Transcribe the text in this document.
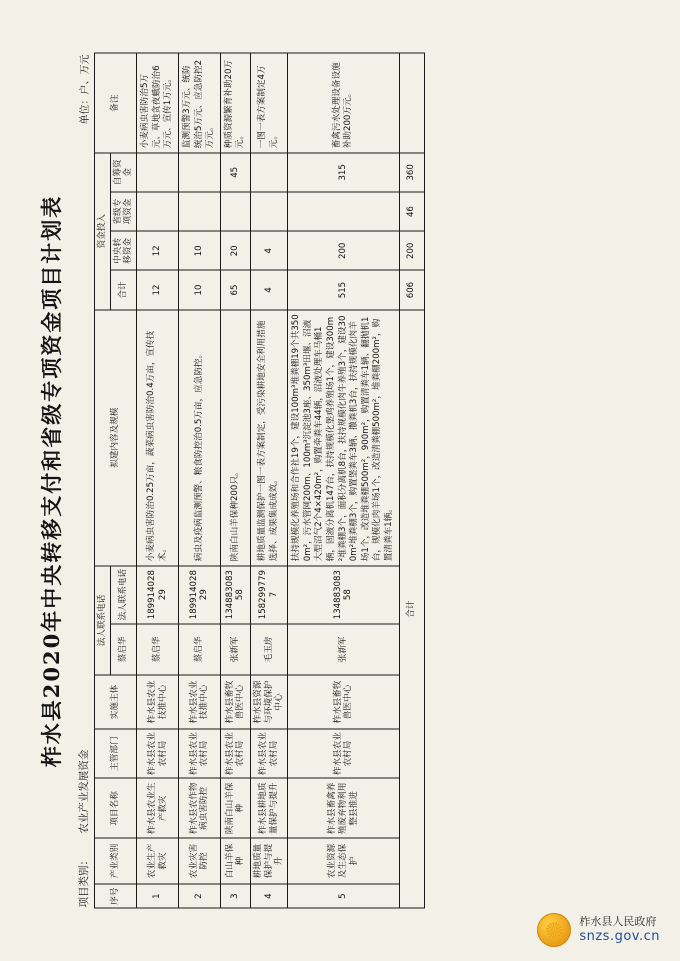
柞水县2020年中央转移支付和省级专项资金项目计划表
项目类别： 农业产业发展资金
单位：户、万元
序号	产业类别	项目名称	主管部门	实施主体	法人联系电话		拟建内容及规模	资金投入				备注
					蔡启华	法人联系电话		合计	中央转移资金	省级专项资金	自筹资金	
1	农业生产救灾	柞水县农业生产救灾	柞水县农业农村局	柞水县农业技推中心	蔡启华	18991402829	小麦病虫害防治0.25万亩，蔬菜病虫害防治0.4万亩，宣传技术。	12	12			小麦病虫害防治5万元、草地贪夜蛾防治6万元、宣传1万元。
2	农业灾害防控	柞水县农作物病虫害防控	柞水县农业农村局	柞水县农业技推中心	蔡启华	18991402829	病虫及疫病监测预警、粮食防控治0.5万亩，应急防控。	10	10			监测预警3万元、统防统治5万元、应急防控2万元。
3	白山羊保种	陕南白山羊保种	柞水县农业农村局	柞水县畜牧兽医中心	张新军	13488308358	陕南白山羊保种200只。	65	20		45	种质资源繁育补助20万元。
4	耕地质量保护与提升	柞水县耕地质量保护与提升	柞水县农业农村局	柞水县资源与环境保护中心	毛玉房	1582997797	耕地质量监测保护一图一表方案制定，受污染耕地安全利用措施选择、成果集成成效。	4	4			一图一表方案制定4万元。
5	农业资源及生态保护	柞水县畜禽养殖废弃物利用整县推进	柞水县农业农村局	柞水县畜牧兽医中心	张新军	13488308358	扶持规模化养殖场和合作社19个，建设100m³堆粪棚19个共3500m²，污水管网200m、100m³沉淀池3座、350m³田堰、沼液大型沼气2个4×420m²，购置牵粪车44辆，沼液处理车马桶1辆，固液分离机147台，扶持规模化堡鸡养殖场1个，建设300m²堆粪棚3个，面积分离机8台，扶持规模化肉牛养殖3个，建设300m²堆粪棚3个，购置堡粪车3辆、撒粪机3台，扶持规模化肉羊场1个，改造堆粪棚500m²，900m²，购置清粪车1辆、翻抛机1台，规模化肉羊场1个，改造清粪棚500m²，堆粪棚200m²，购置清粪车1辆。	515	200		315	畜禽污水处理设备设施补助200万元。
合计								606	200	46	360	
柞水县人民政府
snzs.gov.cn
